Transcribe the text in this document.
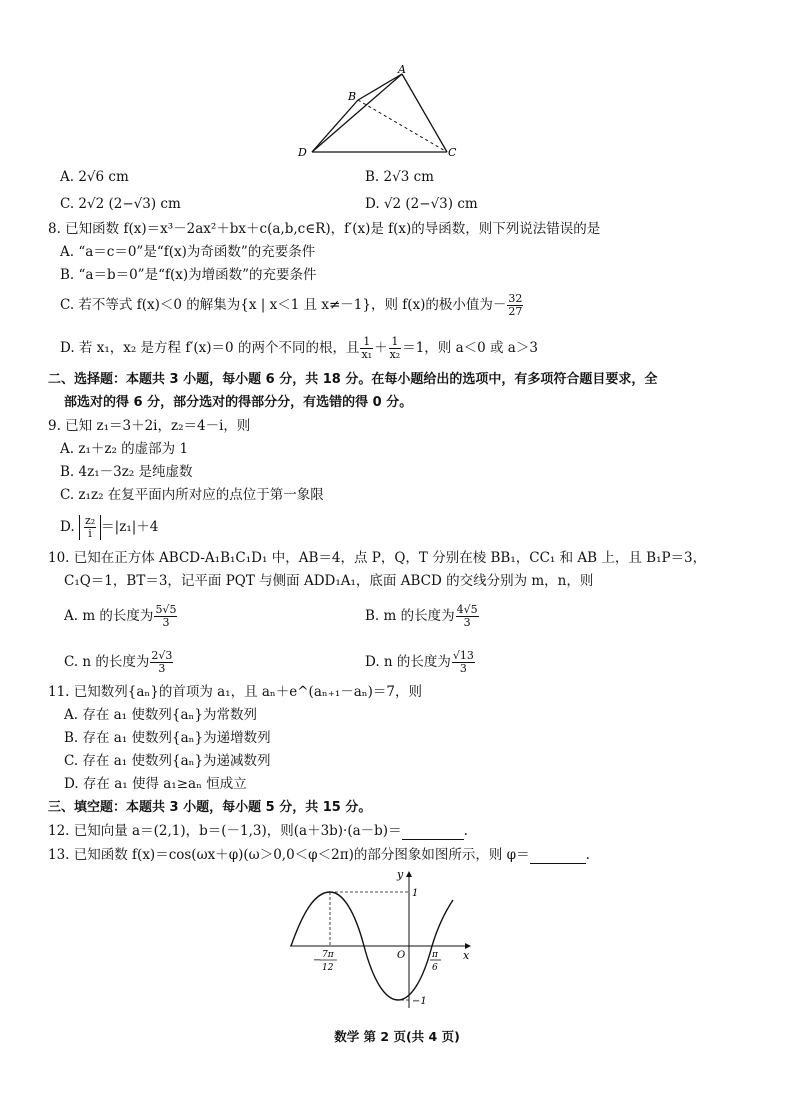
A
B
C
D
A. 2√6 cm	B. 2√3 cm
C. 2√2 (2−√3) cm	D. √2 (2−√3) cm
8. 已知函数 f(x)＝x³－2ax²＋bx＋c(a,b,c∈R)，f′(x)是 f(x)的导函数，则下列说法错误的是
A. “a＝c＝0”是“f(x)为奇函数”的充要条件
B. “a＝b＝0”是“f(x)为增函数”的充要条件
C. 若不等式 f(x)＜0 的解集为{x | x＜1 且 x≠－1}，则 f(x)的极小值为－ $\frac{32}{27}$
D. 若 x₁，x₂ 是方程 f′(x)＝0 的两个不同的根，且 $\frac{1}{\text{x₁}} + \frac{1}{\text{x₂}} =1$，则 a＜0 或 a＞3
二、选择题：本题共 3 小题，每小题 6 分，共 18 分。在每小题给出的选项中，有多项符合题目要求，全
部选对的得 6 分，部分选对的得部分分，有选错的得 0 分。
9. 已知 z₁＝3＋2i，z₂＝4－i，则
A. z₁＋z₂ 的虚部为 1
B. 4z₁－3z₂ 是纯虚数
C. z₁z₂ 在复平面内所对应的点位于第一象限
D. $\frac{\text{z₂}}{i} =|z_1|+4$
10. 已知在正方体 ABCD-A₁B₁C₁D₁ 中，AB＝4，点 P，Q，T 分别在棱 BB₁，CC₁ 和 AB 上，且 B₁P＝3，
C₁Q＝1，BT＝3，记平面 PQT 与侧面 ADD₁A₁，底面 ABCD 的交线分别为 m，n，则
A. m 的长度为 $\frac{5√5}{3}$	B. m 的长度为 $\frac{4√5}{3}$
C. n 的长度为 $\frac{2√3}{3}$	D. n 的长度为 $\frac{√13}{3}$
11. 已知数列{aₙ}的首项为 a₁，且 aₙ＋e^(aₙ₊₁－aₙ)＝7，则
A. 存在 a₁ 使数列{aₙ}为常数列
B. 存在 a₁ 使数列{aₙ}为递增数列
C. 存在 a₁ 使数列{aₙ}为递减数列
D. 存在 a₁ 使得 a₁≥aₙ 恒成立
三、填空题：本题共 3 小题，每小题 5 分，共 15 分。
12. 已知向量 a＝(2,1)，b＝(－1,3)，则(a＋3b)·(a－b)＝	.
13. 已知函数 f(x)＝cos(ωx＋φ)(ω＞0,0＜φ＜2π)的部分图象如图所示，则 φ＝	.
y
x
O
1
−1
− 7π
12
π
6
数学 第 2 页(共 4 页)
